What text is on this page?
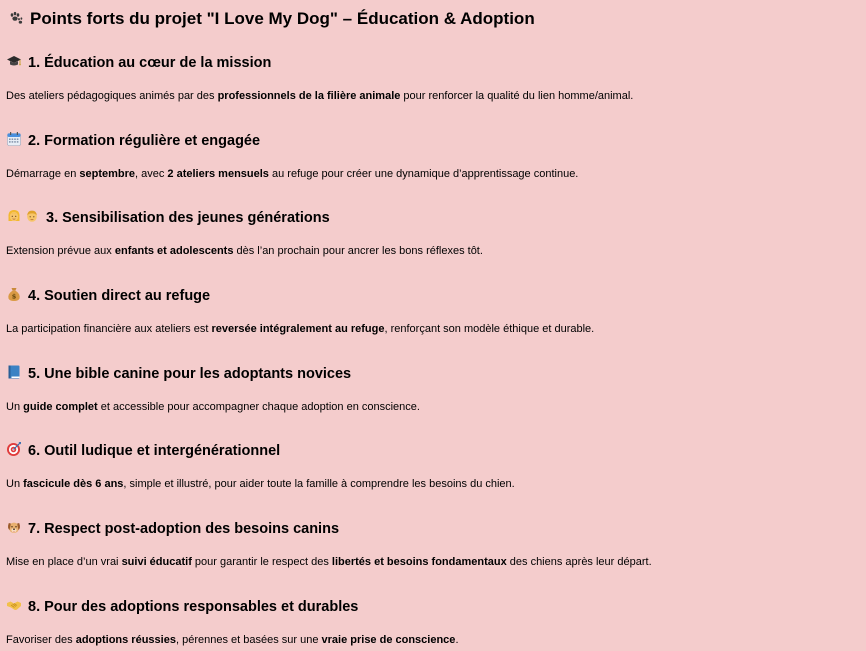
Points forts du projet "I Love My Dog" – Éducation & Adoption
1. Éducation au cœur de la mission

Des ateliers pédagogiques animés par des professionnels de la filière animale pour renforcer la qualité du lien homme/animal.

2. Formation régulière et engagée

Démarrage en septembre, avec 2 ateliers mensuels au refuge pour créer une dynamique d’apprentissage continue.

3. Sensibilisation des jeunes générations

Extension prévue aux enfants et adolescents dès l’an prochain pour ancrer les bons réflexes tôt.

$ 4. Soutien direct au refuge

La participation financière aux ateliers est reversée intégralement au refuge, renforçant son modèle éthique et durable.

5. Une bible canine pour les adoptants novices

Un guide complet et accessible pour accompagner chaque adoption en conscience.

6. Outil ludique et intergénérationnel

Un fascicule dès 6 ans, simple et illustré, pour aider toute la famille à comprendre les besoins du chien.

7. Respect post-adoption des besoins canins

Mise en place d’un vrai suivi éducatif pour garantir le respect des libertés et besoins fondamentaux des chiens après leur départ.

8. Pour des adoptions responsables et durables

Favoriser des adoptions réussies, pérennes et basées sur une vraie prise de conscience.
